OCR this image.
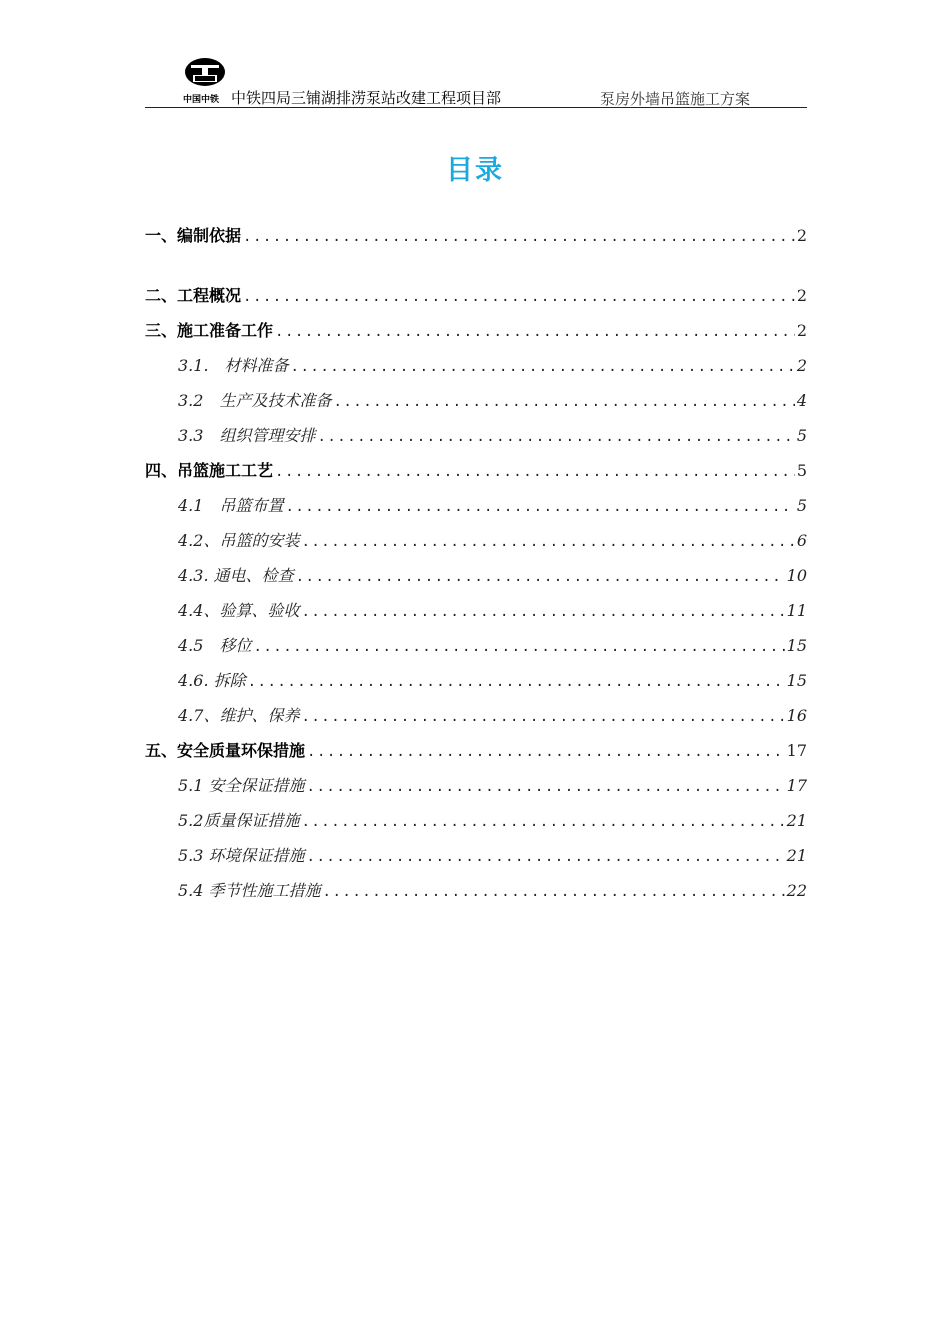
中国中铁 中铁四局三铺湖排涝泵站改建工程项目部	泵房外墙吊篮施工方案
目录
一、编制依据 .....	2
二、工程概况 .....	2
三、施工准备工作 .....	2
3.1.　材料准备 .....	2
3.2　生产及技术准备 .....	4
3.3　组织管理安排 .....	5
四、吊篮施工工艺 .....	5
4.1　吊篮布置 .....	5
4.2、吊篮的安装 .....	6
4.3. 通电、检查 .....	10
4.4、验算、验收 .....	11
4.5　移位 .....	15
4.6. 拆除 .....	15
4.7、维护、保养 .....	16
五、安全质量环保措施 .....	17
5.1 安全保证措施 .....	17
5.2质量保证措施 .....	21
5.3 环境保证措施 .....	21
5.4 季节性施工措施 .....	22
